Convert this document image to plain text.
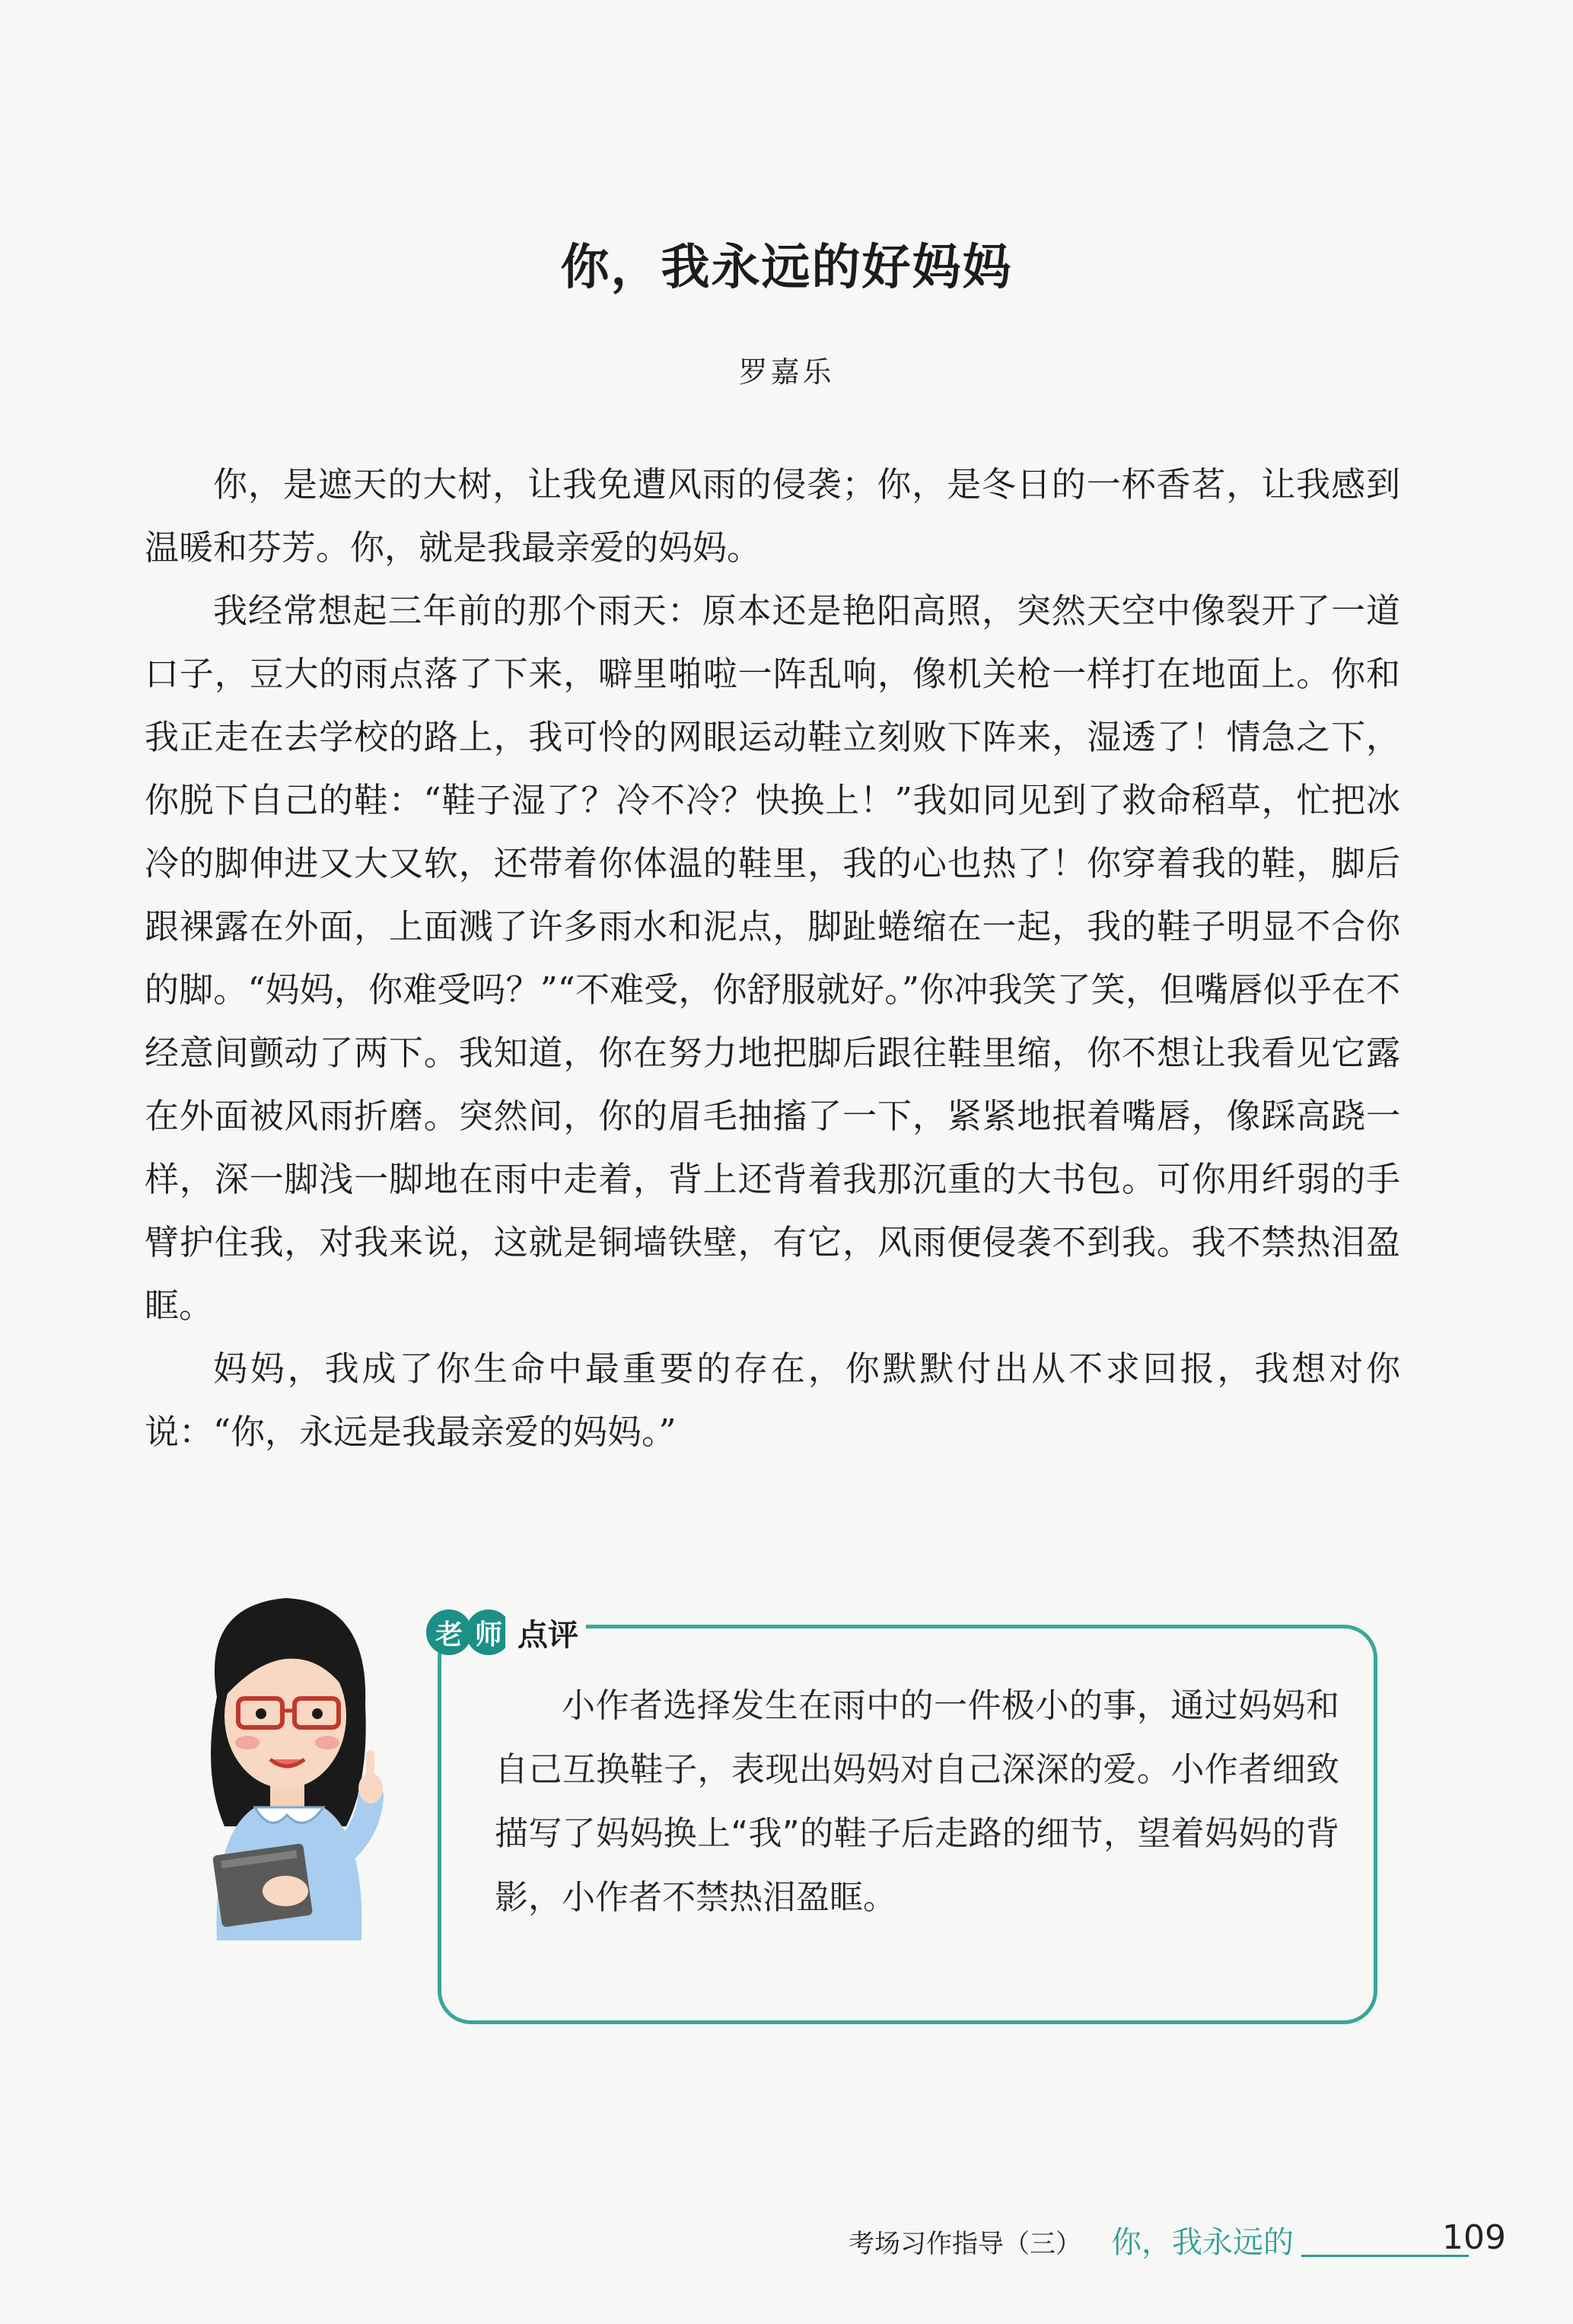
你，我永远的好妈妈
罗嘉乐

你，是遮天的大树，让我免遭风雨的侵袭；你，是冬日的一杯香茗，让我感到温暖和芬芳。你，就是我最亲爱的妈妈。

我经常想起三年前的那个雨天：原本还是艳阳高照，突然天空中像裂开了一道口子，豆大的雨点落了下来，噼里啪啦一阵乱响，像机关枪一样打在地面上。你和我正走在去学校的路上，我可怜的网眼运动鞋立刻败下阵来，湿透了！情急之下，你脱下自己的鞋：“鞋子湿了？冷不冷？快换上！”我如同见到了救命稻草，忙把冰冷的脚伸进又大又软，还带着你体温的鞋里，我的心也热了！你穿着我的鞋，脚后跟裸露在外面，上面溅了许多雨水和泥点，脚趾蜷缩在一起，我的鞋子明显不合你的脚。“妈妈，你难受吗？”“不难受，你舒服就好。”你冲我笑了笑，但嘴唇似乎在不经意间颤动了两下。我知道，你在努力地把脚后跟往鞋里缩，你不想让我看见它露在外面被风雨折磨。突然间，你的眉毛抽搐了一下，紧紧地抿着嘴唇，像踩高跷一样，深一脚浅一脚地在雨中走着，背上还背着我那沉重的大书包。可你用纤弱的手臂护住我，对我来说，这就是铜墙铁壁，有它，风雨便侵袭不到我。我不禁热泪盈眶。

妈妈，我成了你生命中最重要的存在，你默默付出从不求回报，我想对你说：“你，永远是我最亲爱的妈妈。”

老 师 点评

小作者选择发生在雨中的一件极小的事，通过妈妈和自己互换鞋子，表现出妈妈对自己深深的爱。小作者细致描写了妈妈换上“我”的鞋子后走路的细节，望着妈妈的背影，小作者不禁热泪盈眶。

考场习作指导（三） 你，我永远的	109
